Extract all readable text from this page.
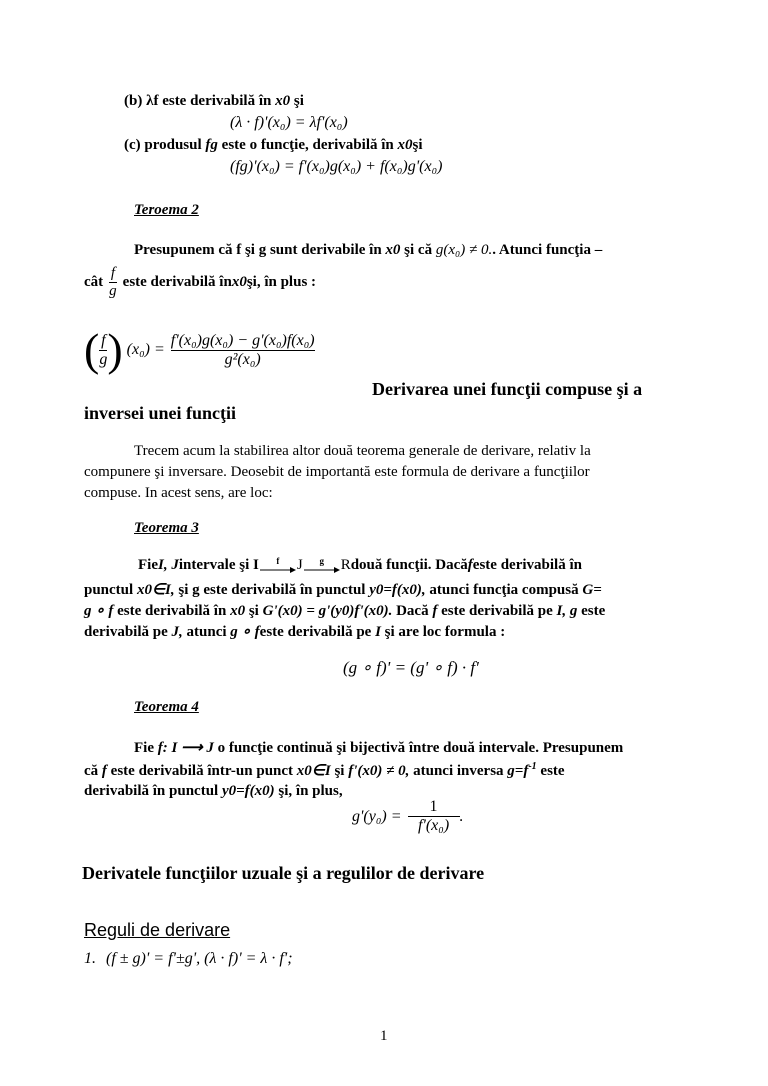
(b) λf este derivabilă în x0 şi
(λ · f)'(x₀) = λf'(x₀)
(c) produsul fg este o funcţie, derivabilă în x0şi
(fg)'(x₀) = f'(x₀)g(x₀) + f(x₀)g'(x₀)
Teroema 2
Presupunem că f şi g sunt derivabile în x0 şi că g(x₀) ≠ 0.. Atunci funcţia –
cât $\frac{f}{g}$ este derivabilă în x0 şi, în plus :
( $\frac{f}{g}$ ) $(x_0) = \frac{\text{f'(x₀)g(x₀) − g'(x₀)f(x₀)}}{\text{g²(x₀)}}$
Derivarea unei funcţii compuse şi a
inversei unei funcţii
Trecem acum la stabilirea altor două teorema generale de derivare, relativ la
compunere şi inversare. Deosebit de importantă este formula de derivare a funcţiilor
compuse. In acest sens, are loc:
Teorema 3
Fie I, J intervale şi I f J g R două funcţii. Dacă f este derivabilă în
punctul x0∈I, şi g este derivabilă în punctul y0=f(x0), atunci funcţia compusă G=
g ∘ f este derivabilă în x0 şi G'(x0) = g'(y0)f'(x0). Dacă f este derivabilă pe I, g este
derivabilă pe J, atunci g ∘ feste derivabilă pe I şi are loc formula :
(g ∘ f)' = (g' ∘ f) · f'
Teorema 4
Fie f: I ⟶ J o funcţie continuă şi bijectivă între două intervale. Presupunem
că f este derivabilă într-un punct x0∈I şi f'(x0) ≠ 0, atunci inversa $g=f^{-1}$ este
derivabilă în punctul y0=f(x0) şi, în plus,
$g'(y_0) = \frac{1}{\text{f'(x₀)}}$ .
Derivatele funcţiilor uzuale şi a regulilor de derivare
Reguli de derivare
1. (f ± g)' = f'±g', (λ · f)' = λ · f';
1
